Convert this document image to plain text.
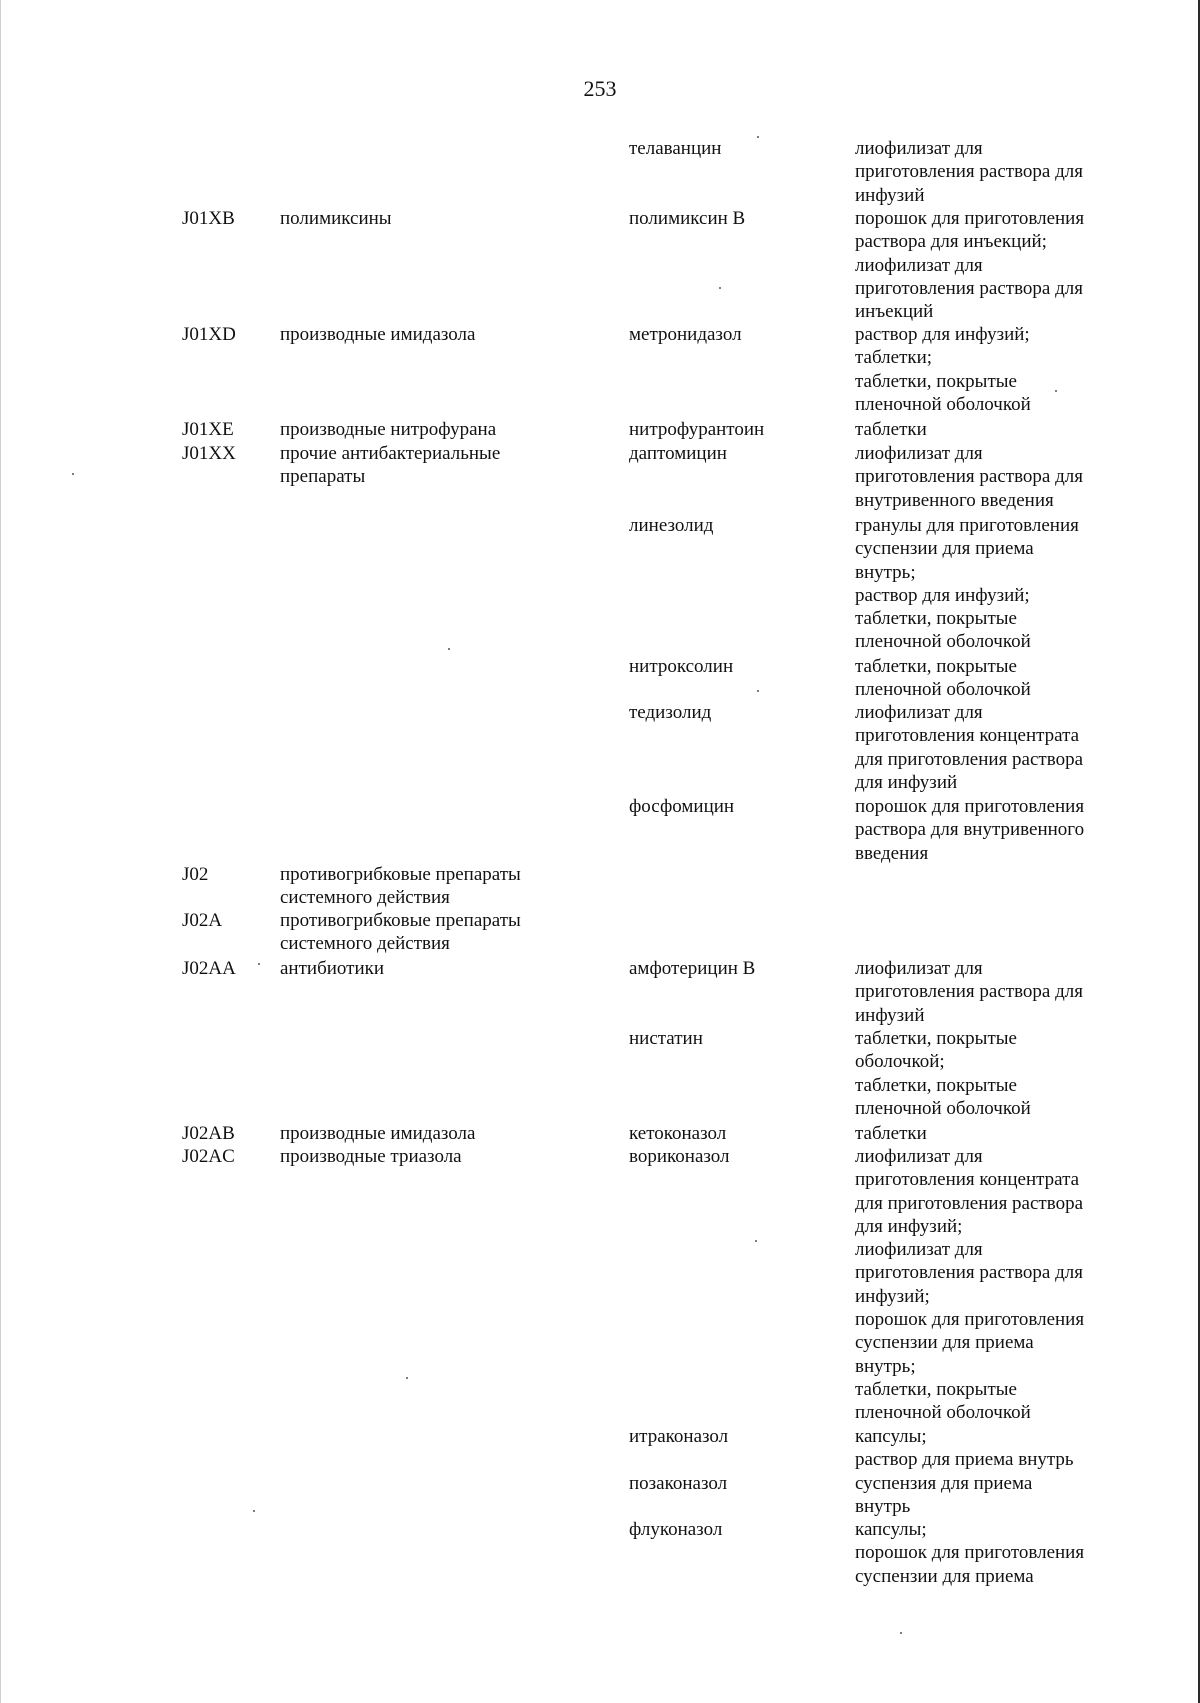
253
телаванцин	лиофилизат для
приготовления раствора для
инфузий
J01XB полимиксины	полимиксин В	порошок для приготовления
раствора для инъекций;
лиофилизат для
приготовления раствора для
инъекций
J01XD производные имидазола	метронидазол	раствор для инфузий;
таблетки;
таблетки, покрытые
пленочной оболочкой
J01XE производные нитрофурана	нитрофурантоин	таблетки
J01XX прочие антибактериальные
препараты
даптомицин	лиофилизат для
приготовления раствора для
внутривенного введения
линезолид	гранулы для приготовления
суспензии для приема
внутрь;
раствор для инфузий;
таблетки, покрытые
пленочной оболочкой
нитроксолин	таблетки, покрытые
пленочной оболочкой
тедизолид	лиофилизат для
приготовления концентрата
для приготовления раствора
для инфузий
фосфомицин	порошок для приготовления
раствора для внутривенного
введения
J02	противогрибковые препараты
системного действия
J02A	противогрибковые препараты
системного действия
J02AA антибиотики	амфотерицин В	лиофилизат для
приготовления раствора для
инфузий
нистатин	таблетки, покрытые
оболочкой;
таблетки, покрытые
пленочной оболочкой
J02AB производные имидазола	кетоконазол	таблетки
J02AC производные триазола	вориконазол	лиофилизат для
приготовления концентрата
для приготовления раствора
для инфузий;
лиофилизат для
приготовления раствора для
инфузий;
порошок для приготовления
суспензии для приема
внутрь;
таблетки, покрытые
пленочной оболочкой
итраконазол	капсулы;
раствор для приема внутрь
позаконазол	суспензия для приема
внутрь
флуконазол	капсулы;
порошок для приготовления
суспензии для приема
